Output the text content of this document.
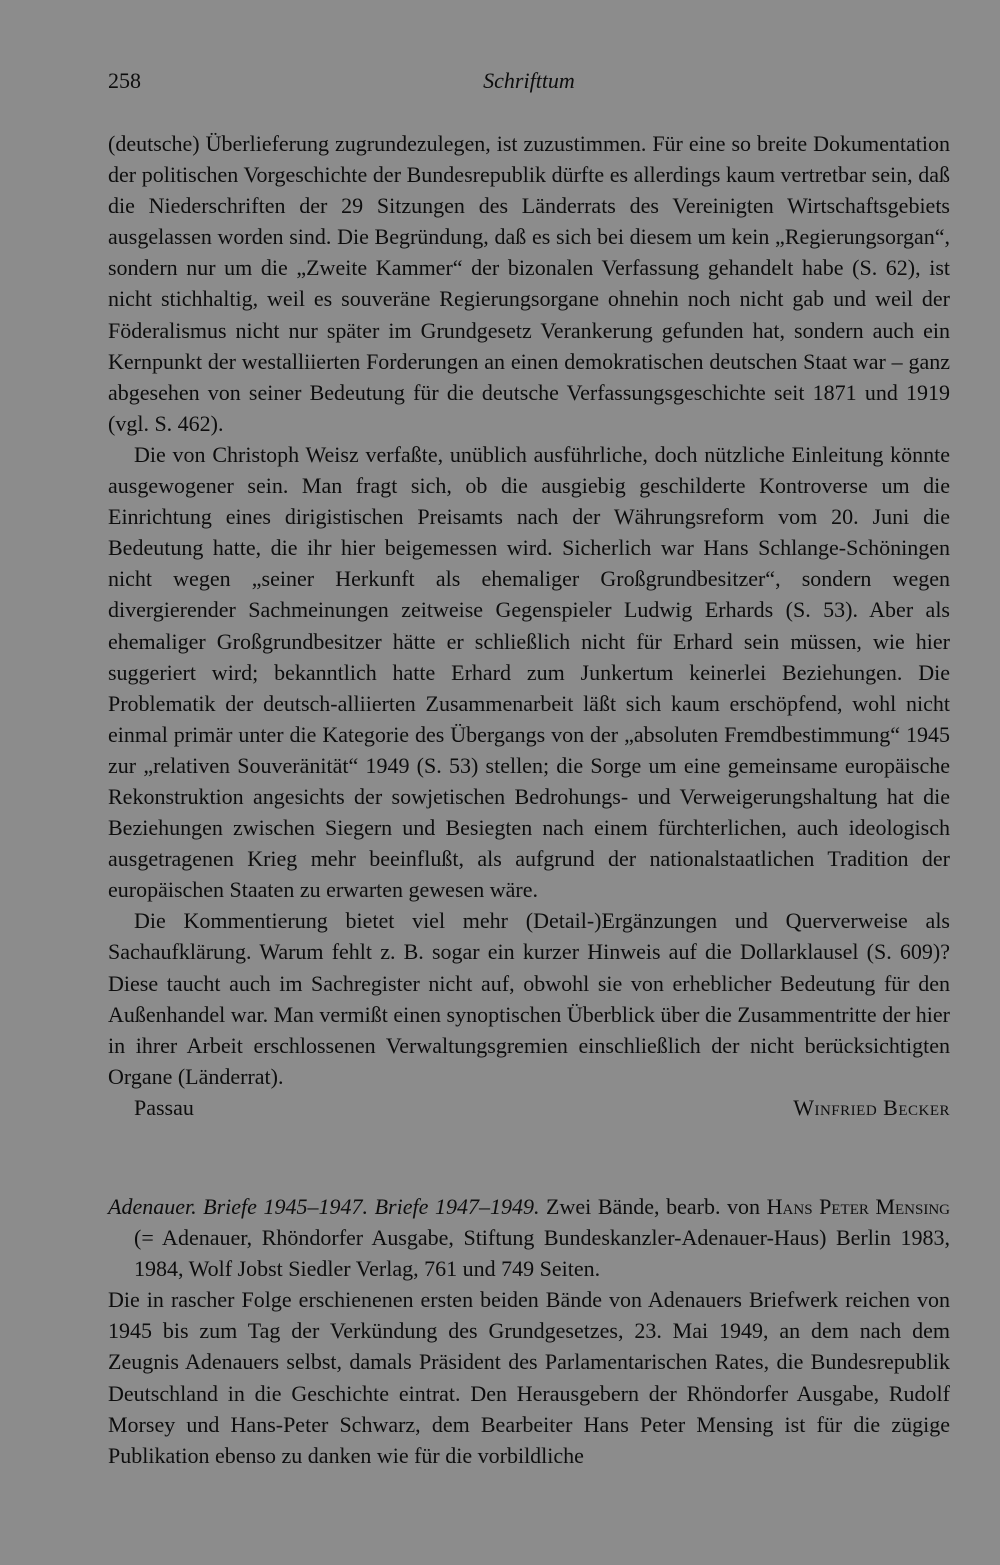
258	Schrifttum

(deutsche) Überlieferung zugrundezulegen, ist zuzustimmen. Für eine so breite Dokumentation der politischen Vorgeschichte der Bundesrepublik dürfte es allerdings kaum vertretbar sein, daß die Niederschriften der 29 Sitzungen des Länderrats des Vereinigten Wirtschaftsgebiets ausgelassen worden sind. Die Begründung, daß es sich bei diesem um kein „Regierungsorgan“, sondern nur um die „Zweite Kammer“ der bizonalen Verfassung gehandelt habe (S. 62), ist nicht stichhaltig, weil es souveräne Regierungsorgane ohnehin noch nicht gab und weil der Föderalismus nicht nur später im Grundgesetz Verankerung gefunden hat, sondern auch ein Kernpunkt der westalliierten Forderungen an einen demokratischen deutschen Staat war – ganz abgesehen von seiner Bedeutung für die deutsche Verfassungsgeschichte seit 1871 und 1919 (vgl. S. 462).

Die von Christoph Weisz verfaßte, unüblich ausführliche, doch nützliche Einleitung könnte ausgewogener sein. Man fragt sich, ob die ausgiebig geschilderte Kontroverse um die Einrichtung eines dirigistischen Preisamts nach der Währungsreform vom 20. Juni die Bedeutung hatte, die ihr hier beigemessen wird. Sicherlich war Hans Schlange-Schöningen nicht wegen „seiner Herkunft als ehemaliger Großgrundbesitzer“, sondern wegen divergierender Sachmeinungen zeitweise Gegenspieler Ludwig Erhards (S. 53). Aber als ehemaliger Großgrundbesitzer hätte er schließlich nicht für Erhard sein müssen, wie hier suggeriert wird; bekanntlich hatte Erhard zum Junkertum keinerlei Beziehungen. Die Problematik der deutsch-alliierten Zusammenarbeit läßt sich kaum erschöpfend, wohl nicht einmal primär unter die Kategorie des Übergangs von der „absoluten Fremdbestimmung“ 1945 zur „relativen Souveränität“ 1949 (S. 53) stellen; die Sorge um eine gemeinsame europäische Rekonstruktion angesichts der sowjetischen Bedrohungs- und Verweigerungshaltung hat die Beziehungen zwischen Siegern und Besiegten nach einem fürchterlichen, auch ideologisch ausgetragenen Krieg mehr beeinflußt, als aufgrund der nationalstaatlichen Tradition der europäischen Staaten zu erwarten gewesen wäre.

Die Kommentierung bietet viel mehr (Detail-)Ergänzungen und Querverweise als Sachaufklärung. Warum fehlt z. B. sogar ein kurzer Hinweis auf die Dollarklausel (S. 609)? Diese taucht auch im Sachregister nicht auf, obwohl sie von erheblicher Bedeutung für den Außenhandel war. Man vermißt einen synoptischen Überblick über die Zusammentritte der hier in ihrer Arbeit erschlossenen Verwaltungsgremien einschließlich der nicht berücksichtigten Organe (Länderrat).

Passau	Winfried Becker
Adenauer. Briefe 1945–1947. Briefe 1947–1949. Zwei Bände, bearb. von Hans Peter Mensing (= Adenauer, Rhöndorfer Ausgabe, Stiftung Bundeskanzler-Adenauer-Haus) Berlin 1983, 1984, Wolf Jobst Siedler Verlag, 761 und 749 Seiten.

Die in rascher Folge erschienenen ersten beiden Bände von Adenauers Briefwerk reichen von 1945 bis zum Tag der Verkündung des Grundgesetzes, 23. Mai 1949, an dem nach dem Zeugnis Adenauers selbst, damals Präsident des Parlamentarischen Rates, die Bundesrepublik Deutschland in die Geschichte eintrat. Den Herausgebern der Rhöndorfer Ausgabe, Rudolf Morsey und Hans-Peter Schwarz, dem Bearbeiter Hans Peter Mensing ist für die zügige Publikation ebenso zu danken wie für die vorbildliche
